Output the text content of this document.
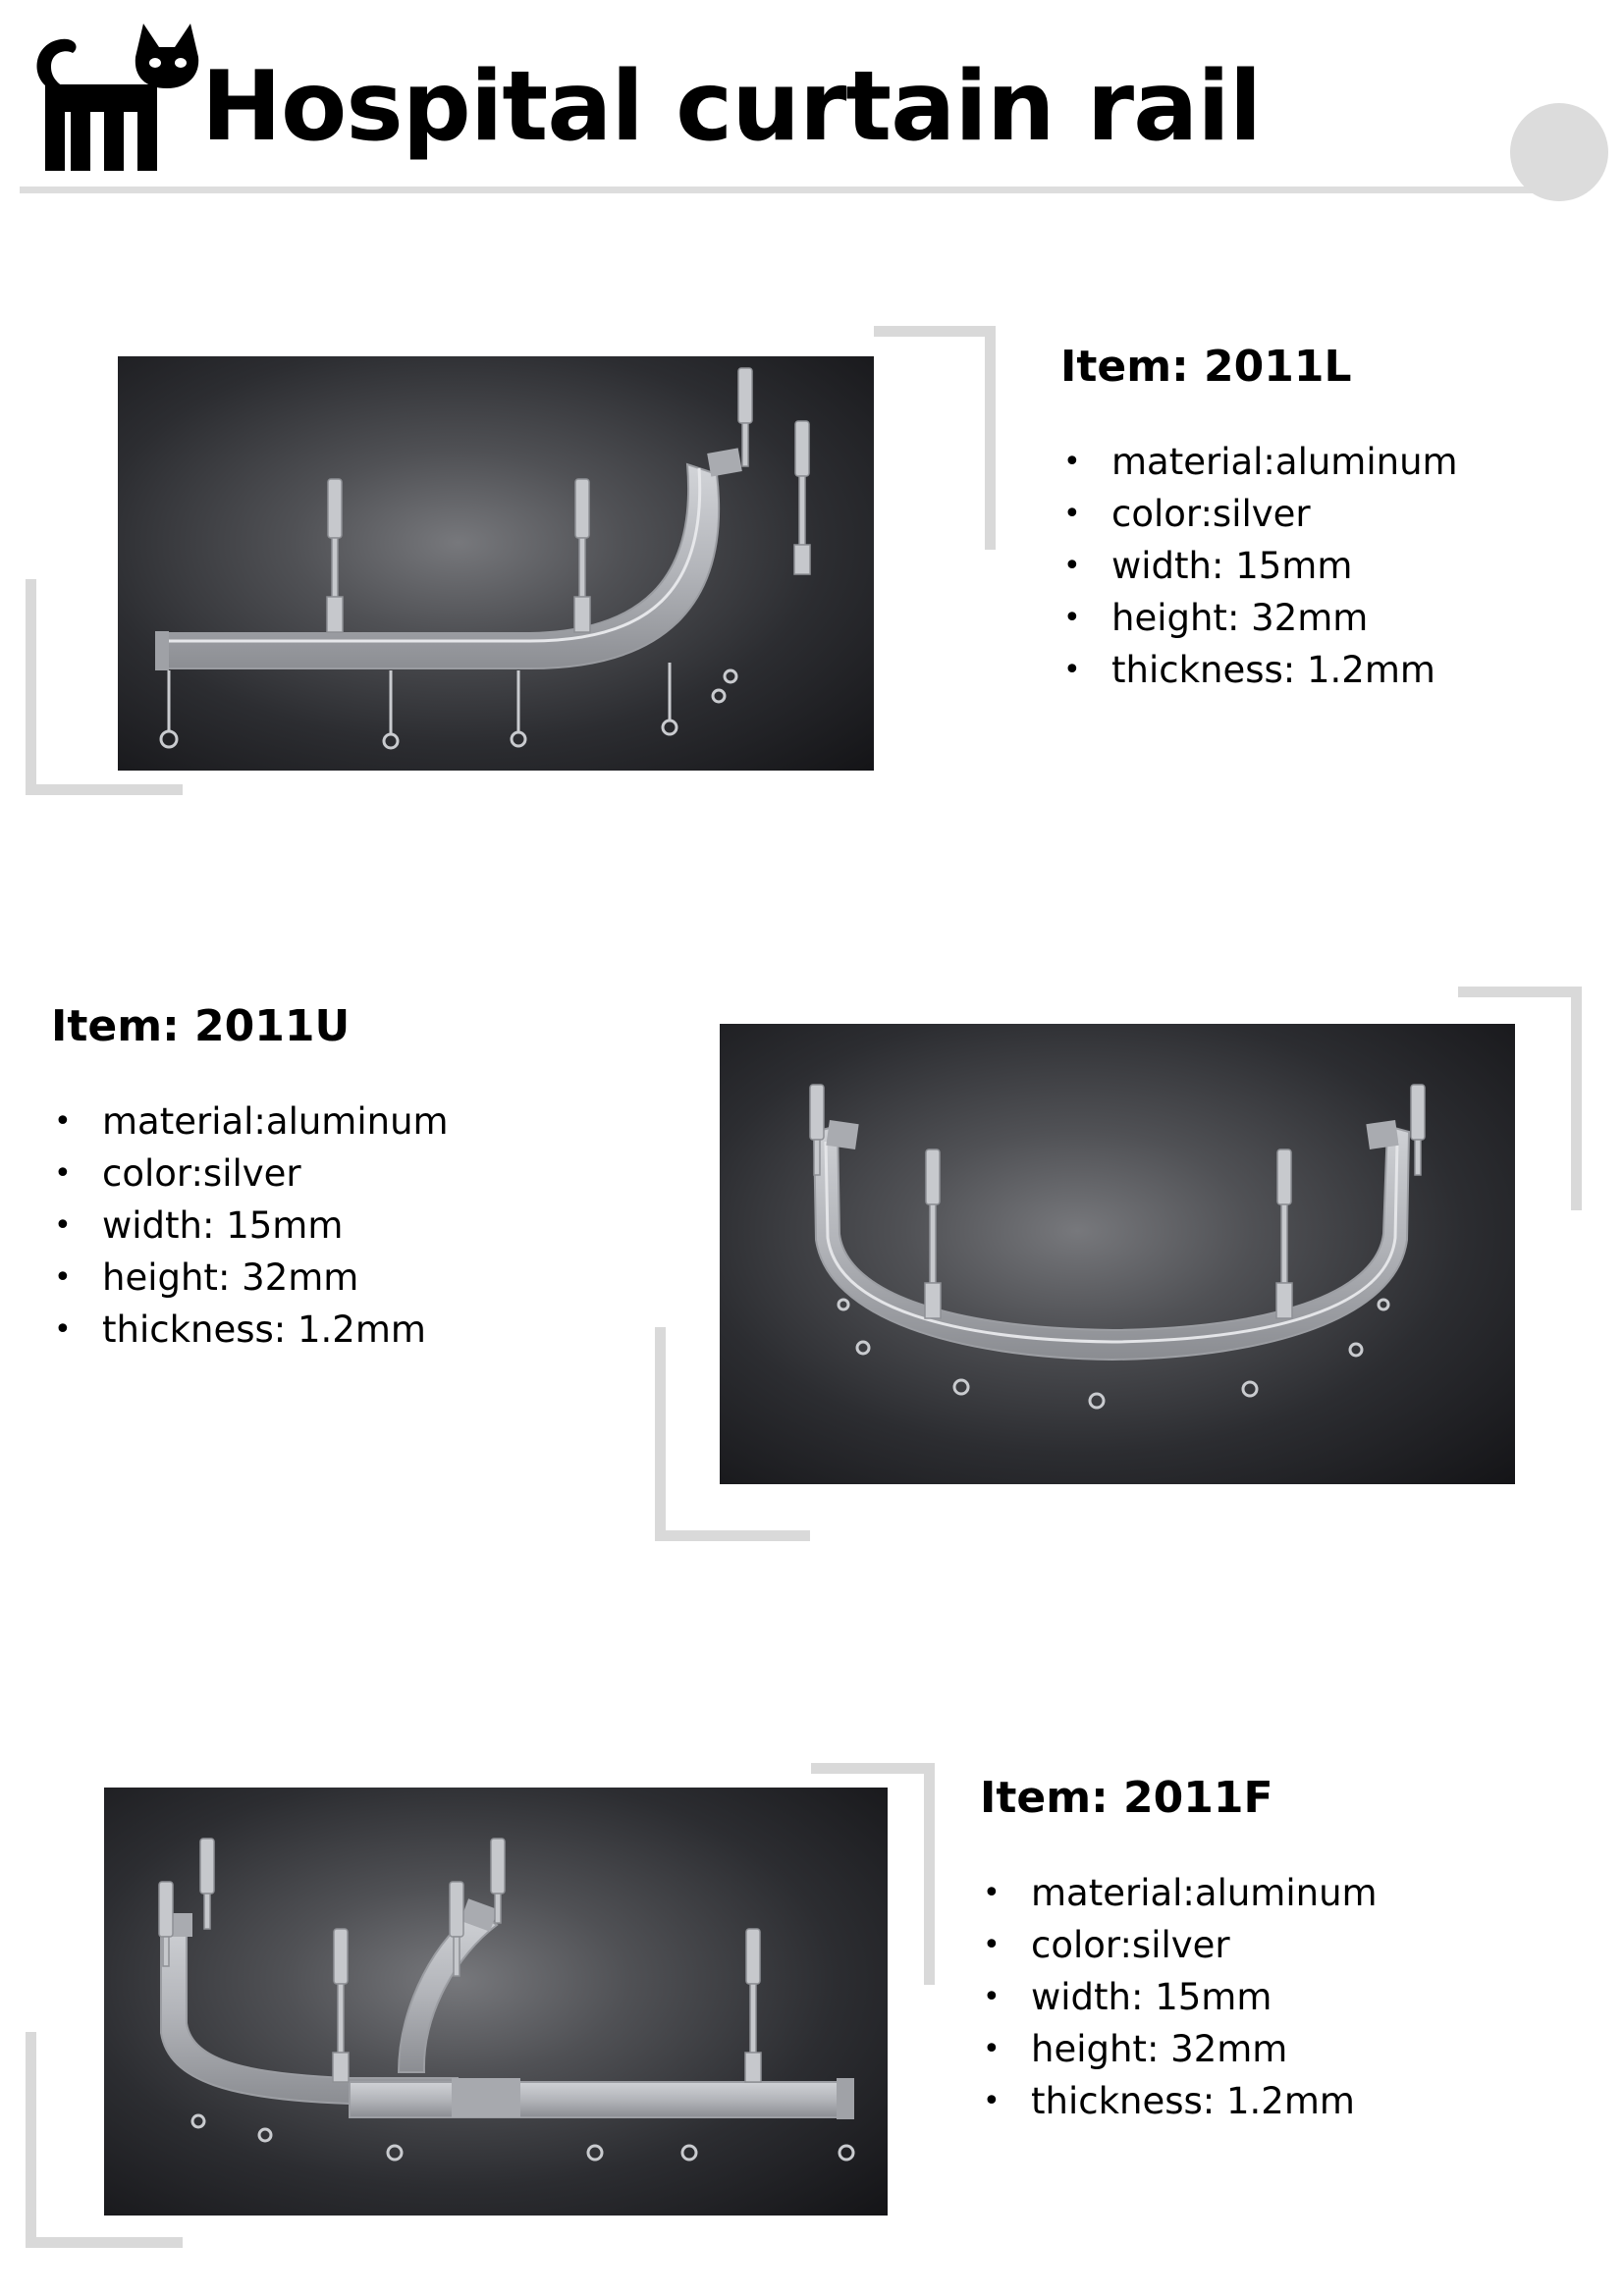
Hospital curtain rail
Item: 2011L
• material:aluminum
• color:silver
• width: 15mm
• height: 32mm
• thickness: 1.2mm
Item: 2011U
• material:aluminum
• color:silver
• width: 15mm
• height: 32mm
• thickness: 1.2mm
Item: 2011F
• material:aluminum
• color:silver
• width: 15mm
• height: 32mm
• thickness: 1.2mm
